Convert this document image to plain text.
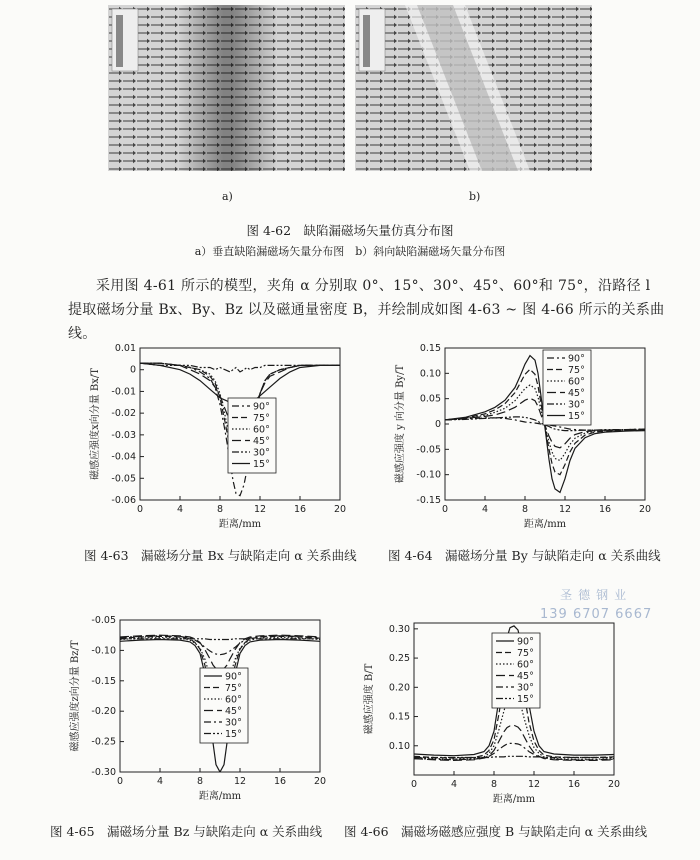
a)	b)
图 4-62　缺陷漏磁场矢量仿真分布图
a）垂直缺陷漏磁场矢量分布图　b）斜向缺陷漏磁场矢量分布图
采用图 4-61 所示的模型，夹角 α 分别取 0°、15°、30°、45°、60°和 75°，沿路径 l 提取磁场分量 Bx、By、Bz 以及磁通量密度 B，并绘制成如图 4-63 ~ 图 4-66 所示的关系曲线。
0	4	8	12	16	20
0.01
0
-0.01
-0.02
-0.03
-0.04
-0.05
-0.06
距离/mm
磁感应强度x向分量 Bx/T	90°
75°
60°
45°
30°
15°
0	4	8	12	16	20
0.15
0.10
0.05
0
-0.05
-0.10
-0.15
距离/mm
磁感应强度 y 向分量 By/T
90°
75°
60°
45°
30°
15°
0	4	8	12	16	20
-0.05
-0.10
-0.15
-0.20
-0.25
-0.30
距离/mm
磁感应强度z向分量 Bz/T	90°
75°
60°
45°
30°
15°
0	4	8	12	16	20
0.30
0.25
0.20
0.15
0.10
距离/mm
磁感应强度 B/T
90°
75°
60°
45°
30°
15°
图 4-63　漏磁场分量 Bx 与缺陷走向 α 关系曲线	图 4-64　漏磁场分量 By 与缺陷走向 α 关系曲线
图 4-65　漏磁场分量 Bz 与缺陷走向 α 关系曲线 图 4-66　漏磁场磁感应强度 B 与缺陷走向 α 关系曲线
圣德钢业
139 6707 6667
